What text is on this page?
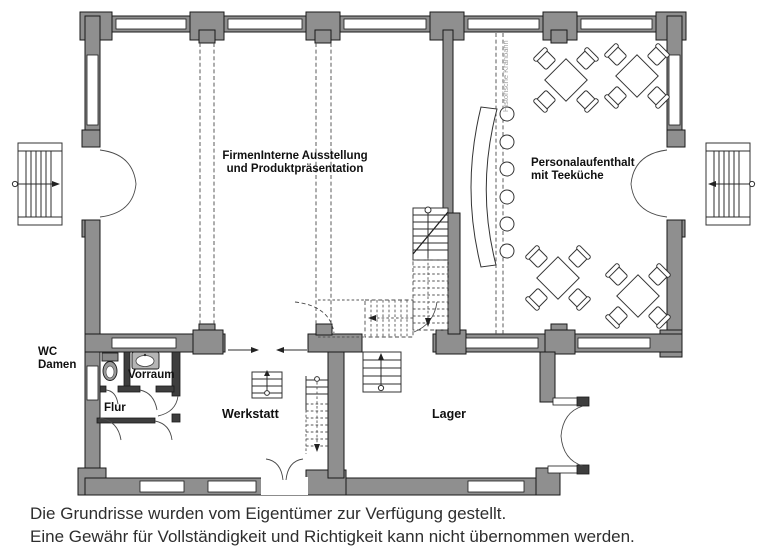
FirmenInterne Ausstellung
und Produktpräsentation	Personalaufenthalt
mit Teeküche
WC
Damen
Vorraum
Flur	Werkstatt	Lager
Historische Kranbahn
Die Grundrisse wurden vom Eigentümer zur Verfügung gestellt.
Eine Gewähr für Vollständigkeit und Richtigkeit kann nicht übernommen werden.
